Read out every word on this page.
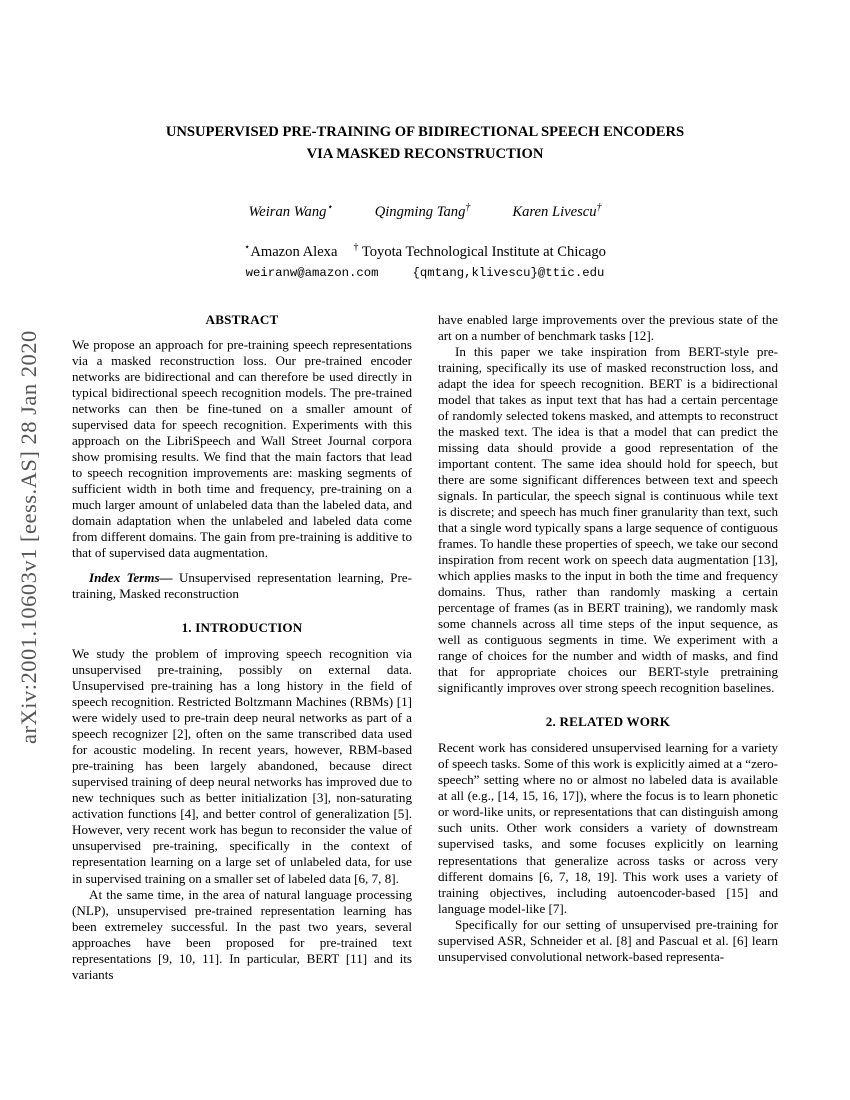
arXiv:2001.10603v1 [eess.AS] 28 Jan 2020
UNSUPERVISED PRE-TRAINING OF BIDIRECTIONAL SPEECH ENCODERS
VIA MASKED RECONSTRUCTION
Weiran Wang⋆	Qingming Tang†	Karen Livescu†
⋆Amazon Alexa † Toyota Technological Institute at Chicago
weiranw@amazon.com	{qmtang,klivescu}@ttic.edu
ABSTRACT

We propose an approach for pre-training speech representations via a masked reconstruction loss. Our pre-trained encoder networks are bidirectional and can therefore be used directly in typical bidirectional speech recognition models. The pre-trained networks can then be fine-tuned on a smaller amount of supervised data for speech recognition. Experiments with this approach on the LibriSpeech and Wall Street Journal corpora show promising results. We find that the main factors that lead to speech recognition improvements are: masking segments of sufficient width in both time and frequency, pre-training on a much larger amount of unlabeled data than the labeled data, and domain adaptation when the unlabeled and labeled data come from different domains. The gain from pre-training is additive to that of supervised data augmentation.

Index Terms— Unsupervised representation learning, Pre-training, Masked reconstruction

1. INTRODUCTION

We study the problem of improving speech recognition via unsupervised pre-training, possibly on external data. Unsupervised pre-training has a long history in the field of speech recognition. Restricted Boltzmann Machines (RBMs) [1] were widely used to pre-train deep neural networks as part of a speech recognizer [2], often on the same transcribed data used for acoustic modeling. In recent years, however, RBM-based pre-training has been largely abandoned, because direct supervised training of deep neural networks has improved due to new techniques such as better initialization [3], non-saturating activation functions [4], and better control of generalization [5]. However, very recent work has begun to reconsider the value of unsupervised pre-training, specifically in the context of representation learning on a large set of unlabeled data, for use in supervised training on a smaller set of labeled data [6, 7, 8].

At the same time, in the area of natural language processing (NLP), unsupervised pre-trained representation learning has been extremeley successful. In the past two years, several approaches have been proposed for pre-trained text representations [9, 10, 11]. In particular, BERT [11] and its variants

have enabled large improvements over the previous state of the art on a number of benchmark tasks [12].

In this paper we take inspiration from BERT-style pre-training, specifically its use of masked reconstruction loss, and adapt the idea for speech recognition. BERT is a bidirectional model that takes as input text that has had a certain percentage of randomly selected tokens masked, and attempts to reconstruct the masked text. The idea is that a model that can predict the missing data should provide a good representation of the important content. The same idea should hold for speech, but there are some significant differences between text and speech signals. In particular, the speech signal is continuous while text is discrete; and speech has much finer granularity than text, such that a single word typically spans a large sequence of contiguous frames. To handle these properties of speech, we take our second inspiration from recent work on speech data augmentation [13], which applies masks to the input in both the time and frequency domains. Thus, rather than randomly masking a certain percentage of frames (as in BERT training), we randomly mask some channels across all time steps of the input sequence, as well as contiguous segments in time. We experiment with a range of choices for the number and width of masks, and find that for appropriate choices our BERT-style pretraining significantly improves over strong speech recognition baselines.

2. RELATED WORK

Recent work has considered unsupervised learning for a variety of speech tasks. Some of this work is explicitly aimed at a “zero-speech” setting where no or almost no labeled data is available at all (e.g., [14, 15, 16, 17]), where the focus is to learn phonetic or word-like units, or representations that can distinguish among such units. Other work considers a variety of downstream supervised tasks, and some focuses explicitly on learning representations that generalize across tasks or across very different domains [6, 7, 18, 19]. This work uses a variety of training objectives, including autoencoder-based [15] and language model-like [7].

Specifically for our setting of unsupervised pre-training for supervised ASR, Schneider et al. [8] and Pascual et al. [6] learn unsupervised convolutional network-based representa-
